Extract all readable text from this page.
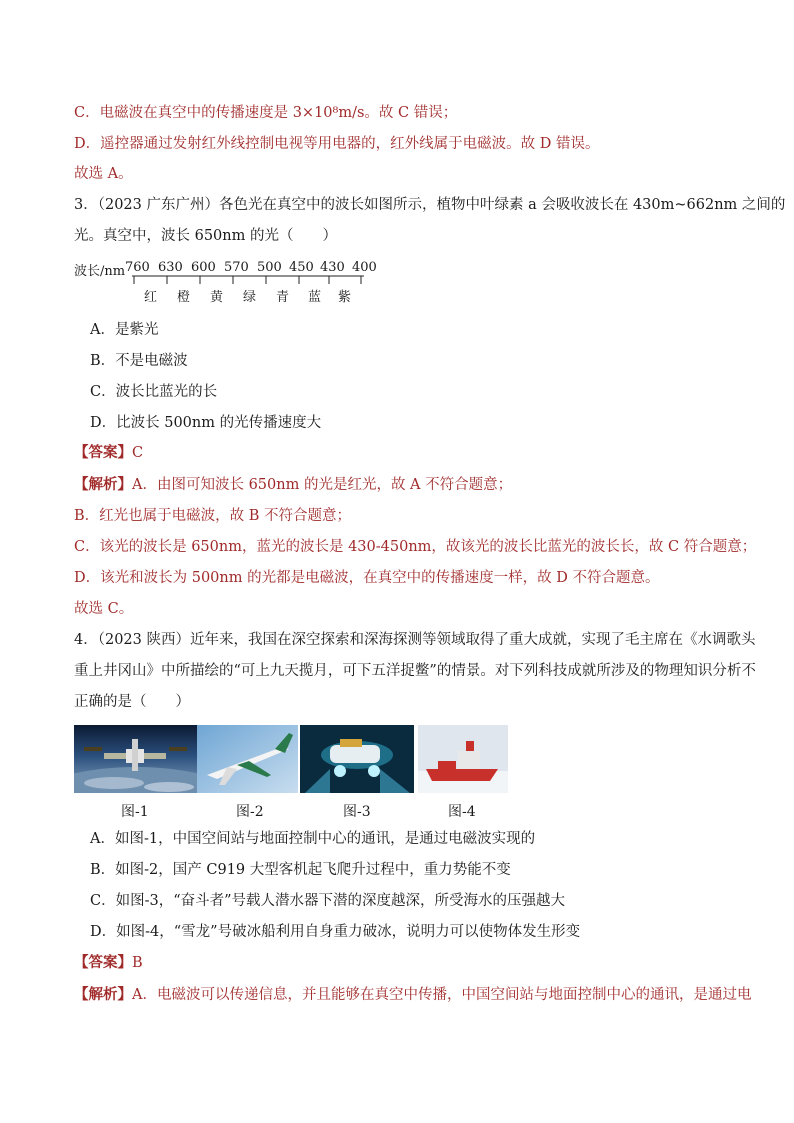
C．电磁波在真空中的传播速度是 3×10⁸m/s。故 C 错误；
D．遥控器通过发射红外线控制电视等用电器的，红外线属于电磁波。故 D 错误。
故选 A。
3．（2023 广东广州）各色光在真空中的波长如图所示，植物中叶绿素 a 会吸收波长在 430m~662nm 之间的
光。真空中，波长 650nm 的光（　　）
波长/nm 760 630 600 570 500 450 430 400
红 橙 黄 绿 青 蓝 紫
A．是紫光
B．不是电磁波
C．波长比蓝光的长
D．比波长 500nm 的光传播速度大
【答案】C
【解析】A．由图可知波长 650nm 的光是红光，故 A 不符合题意；
B．红光也属于电磁波，故 B 不符合题意；
C．该光的波长是 650nm，蓝光的波长是 430-450nm，故该光的波长比蓝光的波长长，故 C 符合题意；
D．该光和波长为 500nm 的光都是电磁波，在真空中的传播速度一样，故 D 不符合题意。
故选 C。
4．（2023 陕西）近年来，我国在深空探索和深海探测等领域取得了重大成就，实现了毛主席在《水调歌头
重上井冈山》中所描绘的“可上九天揽月，可下五洋捉鳖”的情景。对下列科技成就所涉及的物理知识分析不
正确的是（　　）
图-1	图-2	图-3	图-4
A．如图-1，中国空间站与地面控制中心的通讯，是通过电磁波实现的
B．如图-2，国产 C919 大型客机起飞爬升过程中，重力势能不变
C．如图-3，“奋斗者”号载人潜水器下潜的深度越深，所受海水的压强越大
D．如图-4，“雪龙”号破冰船利用自身重力破冰，说明力可以使物体发生形变
【答案】B
【解析】A．电磁波可以传递信息，并且能够在真空中传播，中国空间站与地面控制中心的通讯，是通过电
